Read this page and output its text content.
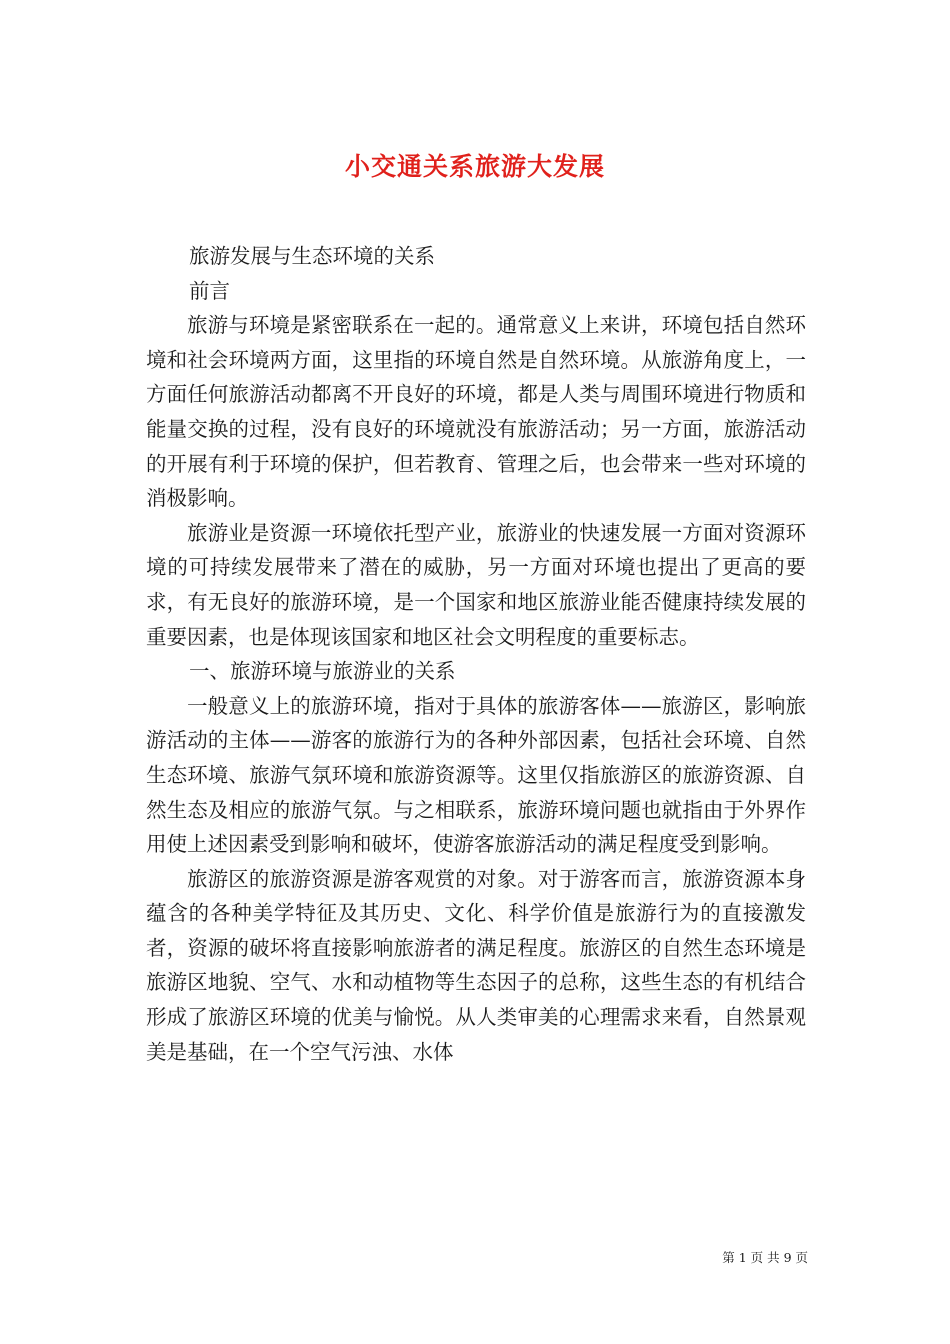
小交通关系旅游大发展

旅游发展与生态环境的关系

前言

旅游与环境是紧密联系在一起的。通常意义上来讲，环境包括自然环境和社会环境两方面，这里指的环境自然是自然环境。从旅游角度上，一方面任何旅游活动都离不开良好的环境，都是人类与周围环境进行物质和能量交换的过程，没有良好的环境就没有旅游活动；另一方面，旅游活动的开展有利于环境的保护，但若教育、管理之后，也会带来一些对环境的消极影响。

旅游业是资源一环境依托型产业，旅游业的快速发展一方面对资源环境的可持续发展带来了潜在的威胁，另一方面对环境也提出了更高的要求，有无良好的旅游环境，是一个国家和地区旅游业能否健康持续发展的重要因素，也是体现该国家和地区社会文明程度的重要标志。

一、旅游环境与旅游业的关系

一般意义上的旅游环境，指对于具体的旅游客体——旅游区，影响旅游活动的主体——游客的旅游行为的各种外部因素，包括社会环境、自然生态环境、旅游气氛环境和旅游资源等。这里仅指旅游区的旅游资源、自然生态及相应的旅游气氛。与之相联系，旅游环境问题也就指由于外界作用使上述因素受到影响和破坏，使游客旅游活动的满足程度受到影响。

旅游区的旅游资源是游客观赏的对象。对于游客而言，旅游资源本身蕴含的各种美学特征及其历史、文化、科学价值是旅游行为的直接激发者，资源的破坏将直接影响旅游者的满足程度。旅游区的自然生态环境是旅游区地貌、空气、水和动植物等生态因子的总称，这些生态的有机结合形成了旅游区环境的优美与愉悦。从人类审美的心理需求来看，自然景观美是基础，在一个空气污浊、水体

第 1 页 共 9 页
